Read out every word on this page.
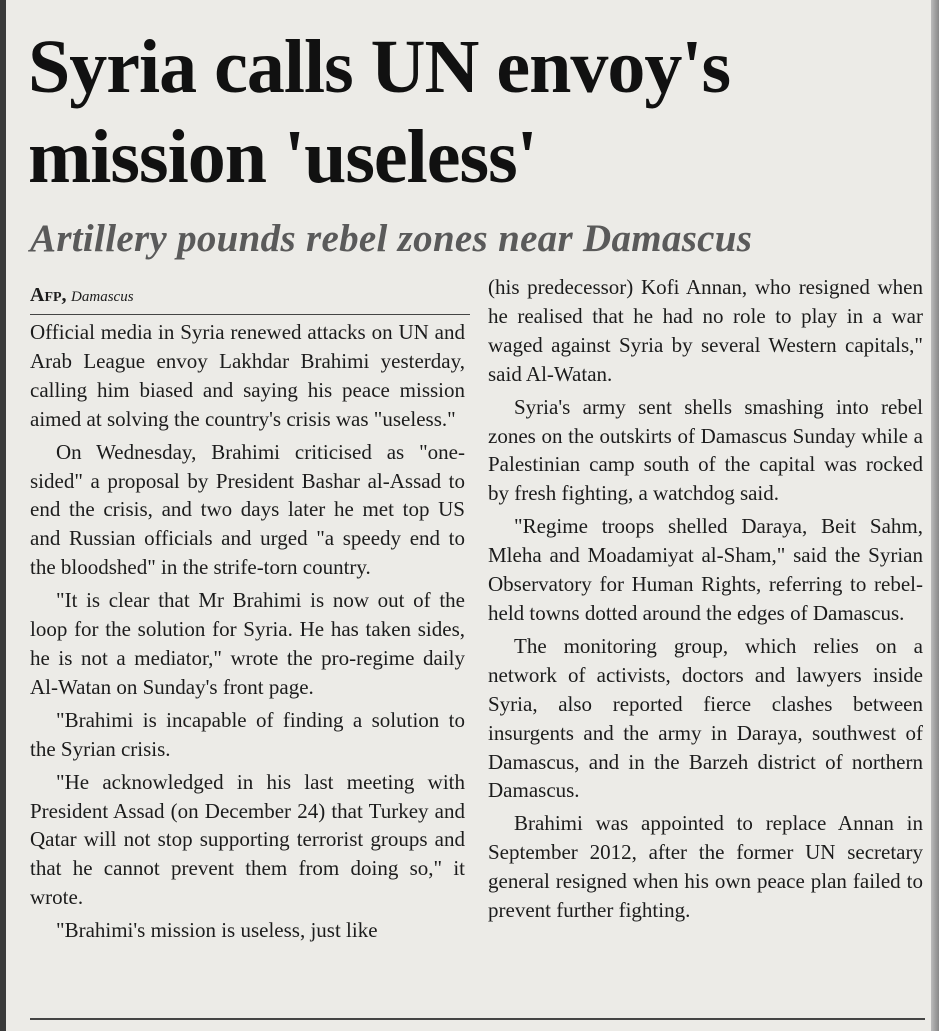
Syria calls UN envoy's mission 'useless'
Artillery pounds rebel zones near Damascus
Afp, Damascus

Official media in Syria renewed attacks on UN and Arab League envoy Lakhdar Brahimi yesterday, calling him biased and saying his peace mission aimed at solving the country's crisis was "useless."

On Wednesday, Brahimi criticised as "one-sided" a proposal by President Bashar al-Assad to end the crisis, and two days later he met top US and Russian officials and urged "a speedy end to the bloodshed" in the strife-torn country.

"It is clear that Mr Brahimi is now out of the loop for the solution for Syria. He has taken sides, he is not a mediator," wrote the pro-regime daily Al-Watan on Sunday's front page.

"Brahimi is incapable of finding a solution to the Syrian crisis.

"He acknowledged in his last meeting with President Assad (on December 24) that Turkey and Qatar will not stop supporting terrorist groups and that he cannot prevent them from doing so," it wrote.

"Brahimi's mission is useless, just like

(his predecessor) Kofi Annan, who resigned when he realised that he had no role to play in a war waged against Syria by several Western capitals," said Al-Watan.

Syria's army sent shells smashing into rebel zones on the outskirts of Damascus Sunday while a Palestinian camp south of the capital was rocked by fresh fighting, a watchdog said.

"Regime troops shelled Daraya, Beit Sahm, Mleha and Moadamiyat al-Sham," said the Syrian Observatory for Human Rights, referring to rebel-held towns dotted around the edges of Damascus.

The monitoring group, which relies on a network of activists, doctors and lawyers inside Syria, also reported fierce clashes between insurgents and the army in Daraya, southwest of Damascus, and in the Barzeh district of northern Damascus.

Brahimi was appointed to replace Annan in September 2012, after the former UN secretary general resigned when his own peace plan failed to prevent further fighting.
